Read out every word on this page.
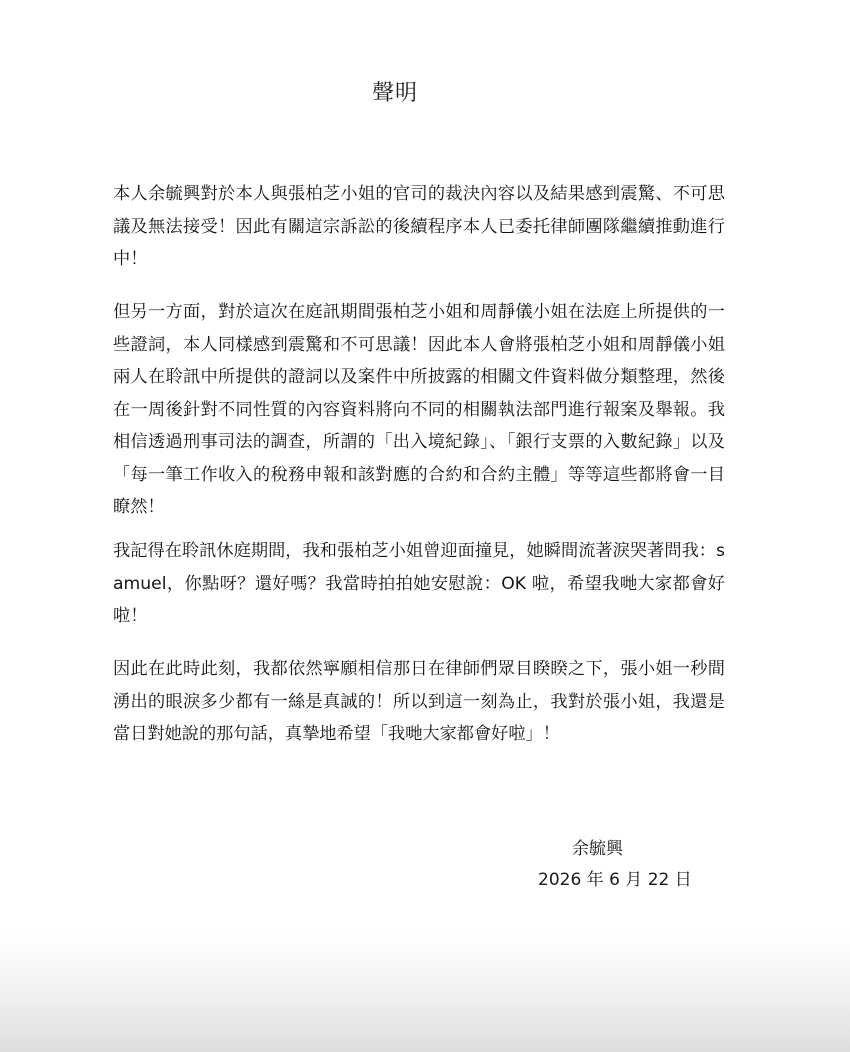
聲明

本人余毓興對於本人與張柏芝小姐的官司的裁決內容以及結果感到震驚、不可思議及無法接受！因此有關這宗訴訟的後續程序本人已委托律師團隊繼續推動進行中！

但另一方面，對於這次在庭訊期間張柏芝小姐和周靜儀小姐在法庭上所提供的一些證詞，本人同樣感到震驚和不可思議！因此本人會將張柏芝小姐和周靜儀小姐兩人在聆訊中所提供的證詞以及案件中所披露的相關文件資料做分類整理，然後在一周後針對不同性質的內容資料將向不同的相關執法部門進行報案及舉報。我相信透過刑事司法的調查，所謂的「出入境紀錄」、「銀行支票的入數紀錄」以及「每一筆工作收入的稅務申報和該對應的合約和合約主體」等等這些都將會一目瞭然！

我記得在聆訊休庭期間，我和張柏芝小姐曾迎面撞見，她瞬間流著淚哭著問我：samuel，你點呀？還好嗎？我當時拍拍她安慰說：OK 啦，希望我哋大家都會好啦！

因此在此時此刻，我都依然寧願相信那日在律師們眾目睽睽之下，張小姐一秒間湧出的眼淚多少都有一絲是真誠的！所以到這一刻為止，我對於張小姐，我還是當日對她說的那句話，真摯地希望「我哋大家都會好啦」！

余毓興
2026 年 6 月 22 日
